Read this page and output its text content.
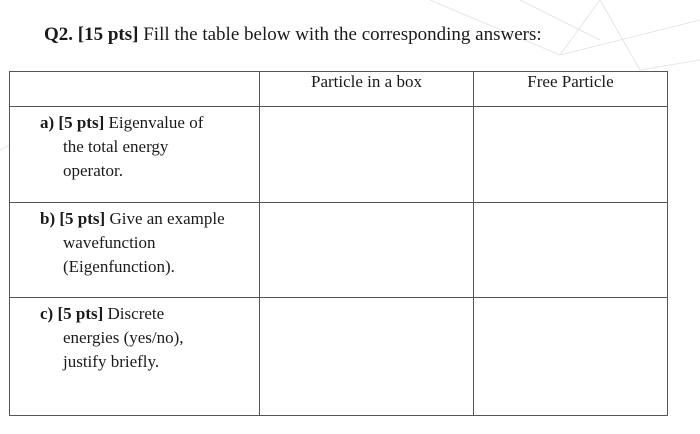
Q2. [15 pts] Fill the table below with the corresponding answers:
	Particle in a box	Free Particle

a) [5 pts] Eigenvalue of
the total energy
operator.		

b) [5 pts] Give an example
wavefunction
(Eigenfunction).		

c) [5 pts] Discrete
energies (yes/no),
justify briefly.		
